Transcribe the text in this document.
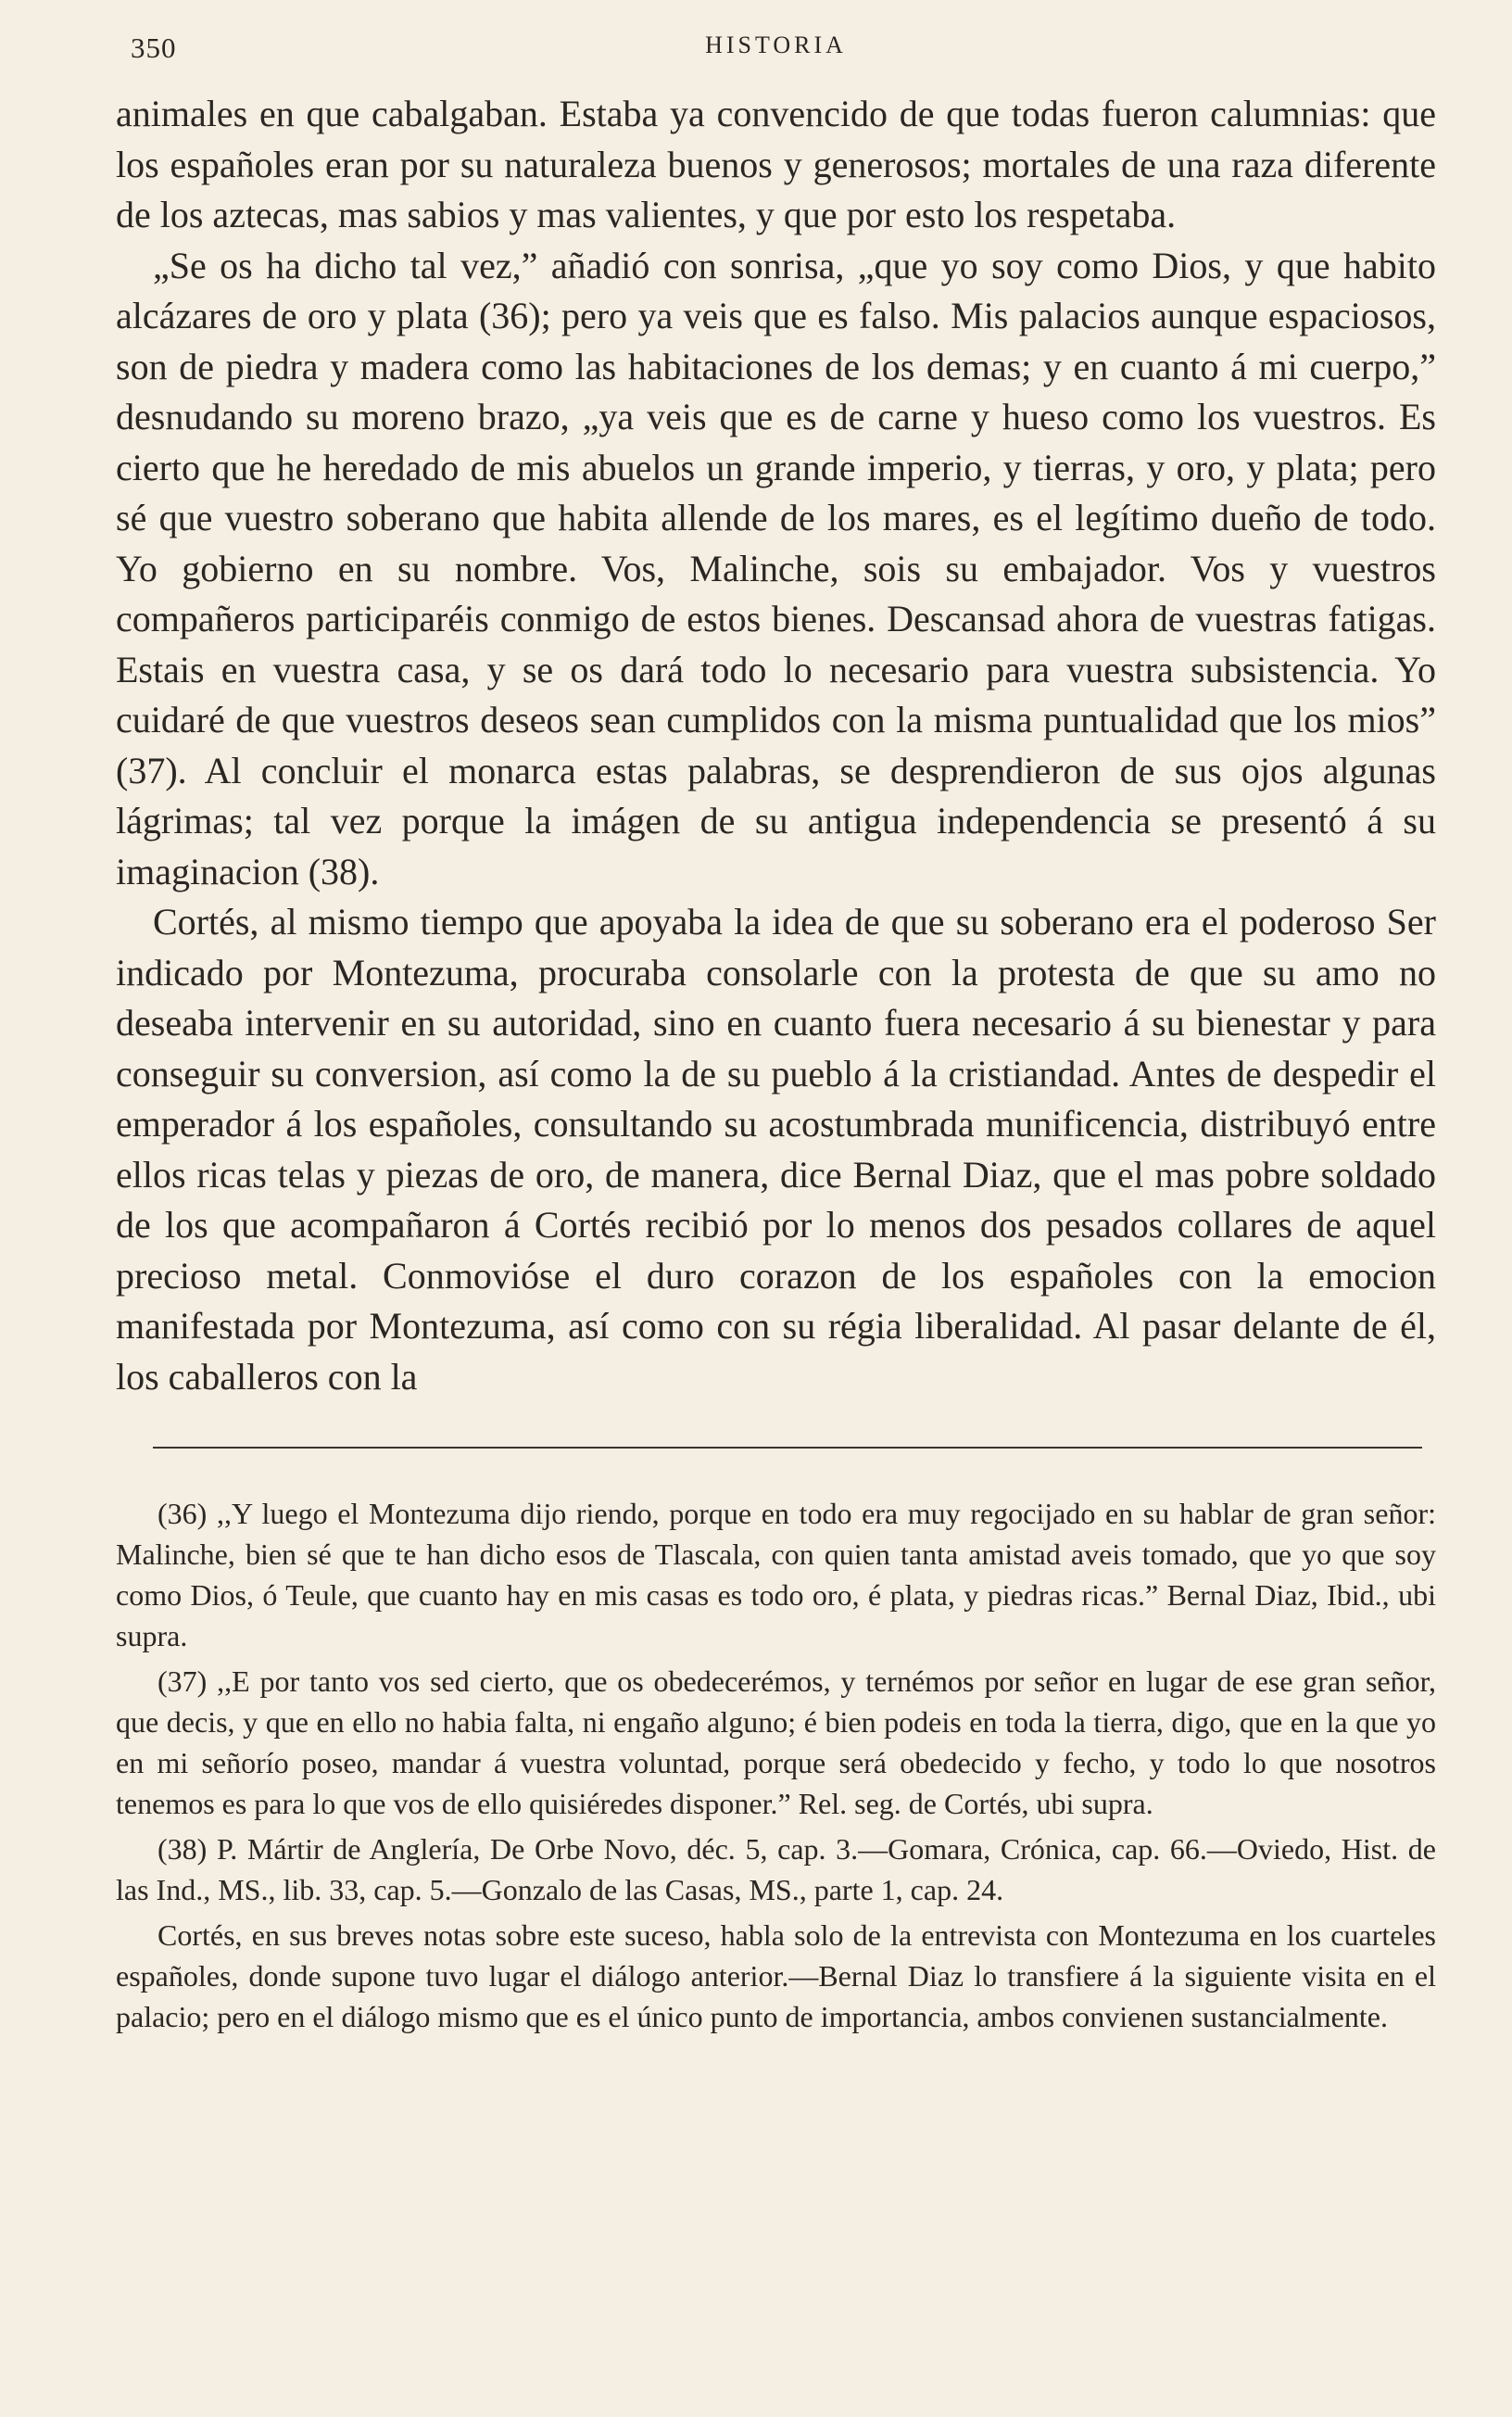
350	HISTORIA

animales en que cabalgaban. Estaba ya convencido de que todas fueron calumnias: que los españoles eran por su naturaleza buenos y generosos; mortales de una raza diferente de los aztecas, mas sabios y mas valientes, y que por esto los respetaba.

„Se os ha dicho tal vez,” añadió con sonrisa, „que yo soy como Dios, y que habito alcázares de oro y plata (36); pero ya veis que es falso. Mis palacios aunque espaciosos, son de piedra y madera como las habitaciones de los demas; y en cuanto á mi cuerpo,” desnudando su moreno brazo, „ya veis que es de carne y hueso como los vuestros. Es cierto que he heredado de mis abuelos un grande imperio, y tierras, y oro, y plata; pero sé que vuestro soberano que habita allende de los mares, es el legítimo dueño de todo. Yo gobierno en su nombre. Vos, Malinche, sois su embajador. Vos y vuestros compañeros participaréis conmigo de estos bienes. Descansad ahora de vuestras fatigas. Estais en vuestra casa, y se os dará todo lo necesario para vuestra subsistencia. Yo cuidaré de que vuestros deseos sean cumplidos con la misma puntualidad que los mios” (37). Al concluir el monarca estas palabras, se desprendieron de sus ojos algunas lágrimas; tal vez porque la imágen de su antigua independencia se presentó á su imaginacion (38).

Cortés, al mismo tiempo que apoyaba la idea de que su soberano era el poderoso Ser indicado por Montezuma, procuraba consolarle con la protesta de que su amo no deseaba intervenir en su autoridad, sino en cuanto fuera necesario á su bienestar y para conseguir su conversion, así como la de su pueblo á la cristiandad. Antes de despedir el emperador á los españoles, consultando su acostumbrada munificencia, distribuyó entre ellos ricas telas y piezas de oro, de manera, dice Bernal Diaz, que el mas pobre soldado de los que acompañaron á Cortés recibió por lo menos dos pesados collares de aquel precioso metal. Conmovióse el duro corazon de los españoles con la emocion manifestada por Montezuma, así como con su régia liberalidad. Al pasar delante de él, los caballeros con la

(36) ,,Y luego el Montezuma dijo riendo, porque en todo era muy regocijado en su hablar de gran señor: Malinche, bien sé que te han dicho esos de Tlascala, con quien tanta amistad aveis tomado, que yo que soy como Dios, ó Teule, que cuanto hay en mis casas es todo oro, é plata, y piedras ricas.” Bernal Diaz, Ibid., ubi supra.

(37) ,,E por tanto vos sed cierto, que os obedecerémos, y ternémos por señor en lugar de ese gran señor, que decis, y que en ello no habia falta, ni engaño alguno; é bien podeis en toda la tierra, digo, que en la que yo en mi señorío poseo, mandar á vuestra voluntad, porque será obedecido y fecho, y todo lo que nosotros tenemos es para lo que vos de ello quisiéredes disponer.” Rel. seg. de Cortés, ubi supra.

(38) P. Mártir de Anglería, De Orbe Novo, déc. 5, cap. 3.—Gomara, Crónica, cap. 66.—Oviedo, Hist. de las Ind., MS., lib. 33, cap. 5.—Gonzalo de las Casas, MS., parte 1, cap. 24.

Cortés, en sus breves notas sobre este suceso, habla solo de la entrevista con Montezuma en los cuarteles españoles, donde supone tuvo lugar el diálogo anterior.—Bernal Diaz lo transfiere á la siguiente visita en el palacio; pero en el diálogo mismo que es el único punto de importancia, ambos convienen sustancialmente.
